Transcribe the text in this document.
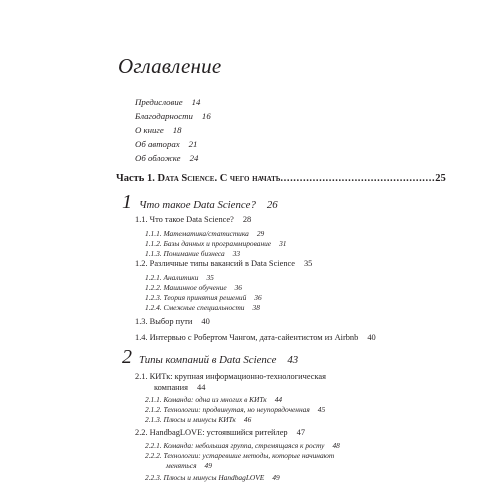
Оглавление
Предисловие 14
Благодарности 16
О книге 18
Об авторах 21
Об обложке 24
Часть 1. Data Science. С чего начать ................................................ 25
1 Что такое Data Science? 26
1.1. Что такое Data Science? 28
1.1.1. Математика/статистика 29
1.1.2. Базы данных и программирование 31
1.1.3. Понимание бизнеса 33
1.2. Различные типы вакансий в Data Science 35
1.2.1. Аналитики 35
1.2.2. Машинное обучение 36
1.2.3. Теория принятия решений 36
1.2.4. Смежные специальности 38
1.3. Выбор пути 40
1.4. Интервью с Робертом Чангом, дата-сайентистом из Airbnb 40
2 Типы компаний в Data Science 43
2.1. КИТк: крупная информационно-технологическая
компания 44
2.1.1. Команда: одна из многих в КИТк 44
2.1.2. Технологии: продвинутая, но неупорядоченная 45
2.1.3. Плюсы и минусы КИТк 46
2.2. HandbagLOVE: устоявшийся ритейлер 47
2.2.1. Команда: небольшая группа, стремящаяся к росту 48
2.2.2. Технологии: устаревшие методы, которые начинают
меняться 49
2.2.3. Плюсы и минусы HandbagLOVE 49
